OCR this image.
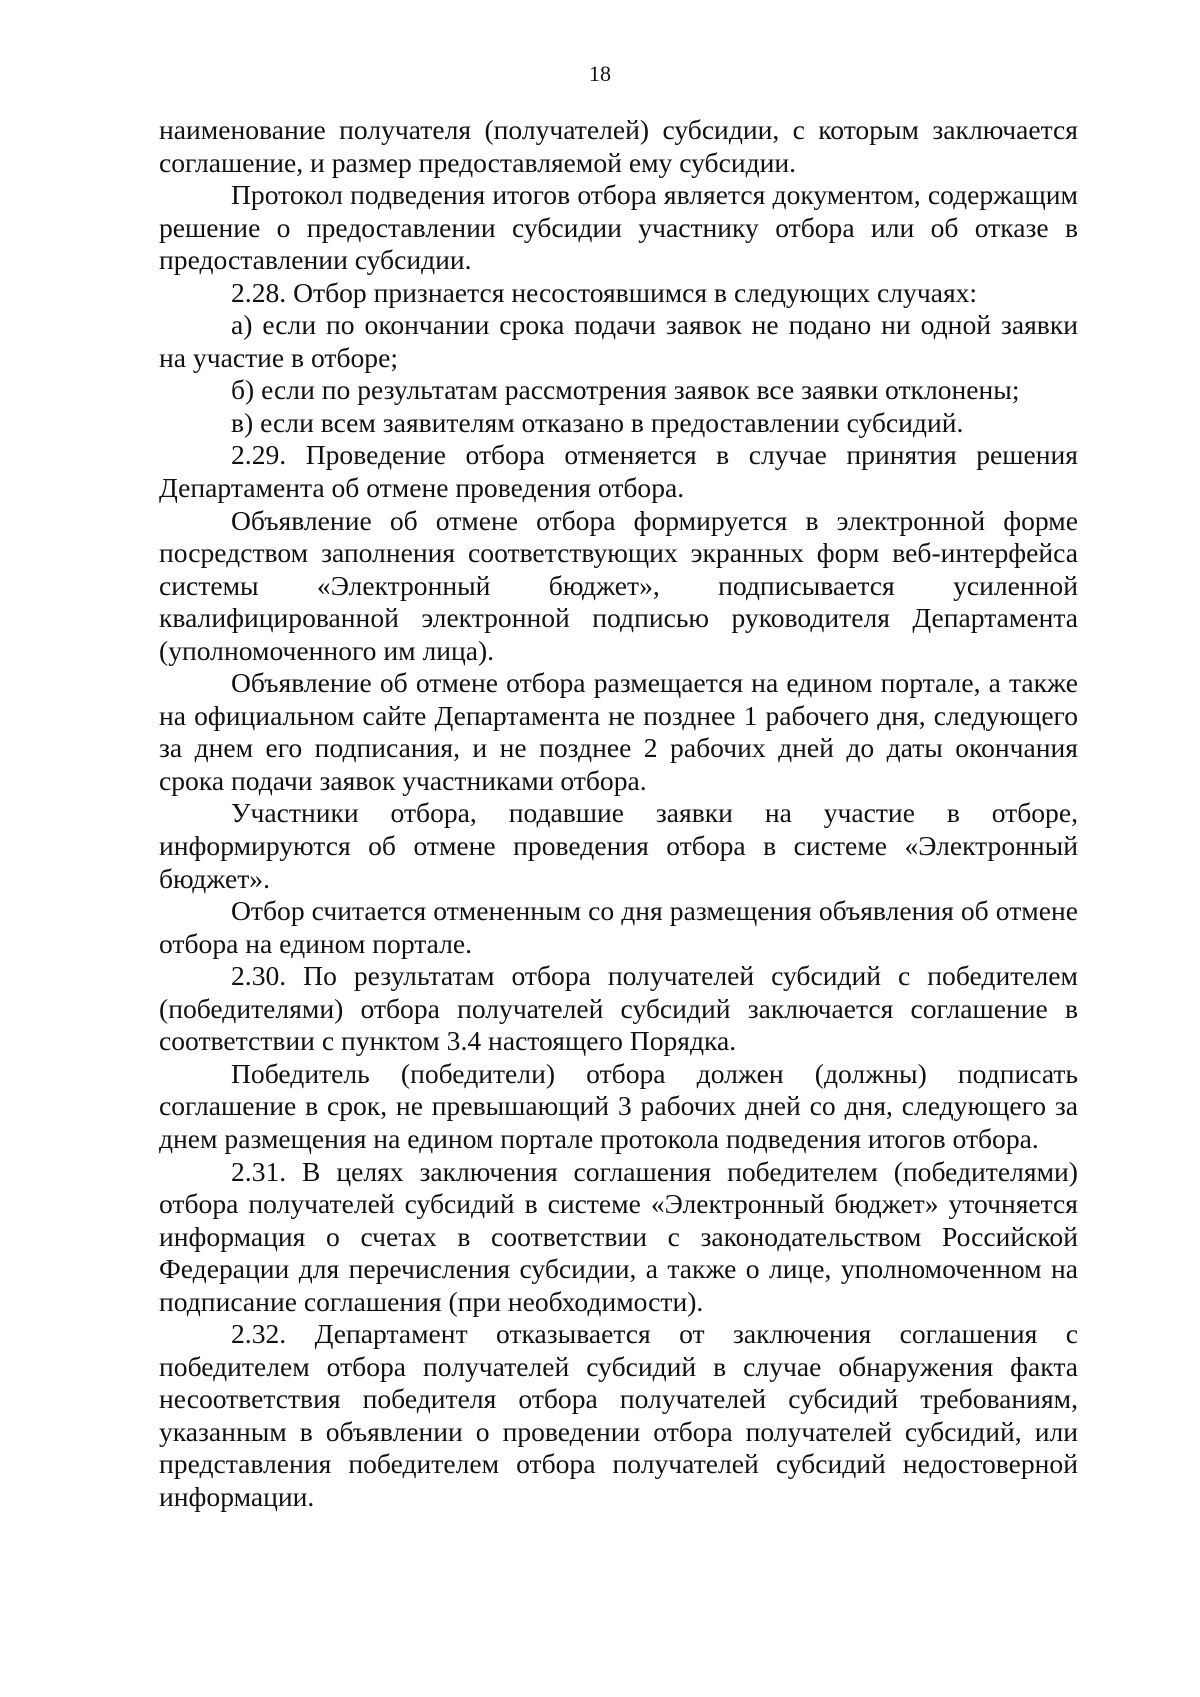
18

наименование получателя (получателей) субсидии, с которым заключается соглашение, и размер предоставляемой ему субсидии.

Протокол подведения итогов отбора является документом, содержащим решение о предоставлении субсидии участнику отбора или об отказе в предоставлении субсидии.

2.28. Отбор признается несостоявшимся в следующих случаях:

а) если по окончании срока подачи заявок не подано ни одной заявки на участие в отборе;

б) если по результатам рассмотрения заявок все заявки отклонены;

в) если всем заявителям отказано в предоставлении субсидий.

2.29. Проведение отбора отменяется в случае принятия решения Департамента об отмене проведения отбора.

Объявление об отмене отбора формируется в электронной форме посредством заполнения соответствующих экранных форм веб-интерфейса системы «Электронный бюджет», подписывается усиленной квалифицированной электронной подписью руководителя Департамента (уполномоченного им лица).

Объявление об отмене отбора размещается на едином портале, а также на официальном сайте Департамента не позднее 1 рабочего дня, следующего за днем его подписания, и не позднее 2 рабочих дней до даты окончания срока подачи заявок участниками отбора.

Участники отбора, подавшие заявки на участие в отборе, информируются об отмене проведения отбора в системе «Электронный бюджет».

Отбор считается отмененным со дня размещения объявления об отмене отбора на едином портале.

2.30. По результатам отбора получателей субсидий с победителем (победителями) отбора получателей субсидий заключается соглашение в соответствии с пунктом 3.4 настоящего Порядка.

Победитель (победители) отбора должен (должны) подписать соглашение в срок, не превышающий 3 рабочих дней со дня, следующего за днем размещения на едином портале протокола подведения итогов отбора.

2.31. В целях заключения соглашения победителем (победителями) отбора получателей субсидий в системе «Электронный бюджет» уточняется информация о счетах в соответствии с законодательством Российской Федерации для перечисления субсидии, а также о лице, уполномоченном на подписание соглашения (при необходимости).

2.32. Департамент отказывается от заключения соглашения с победителем отбора получателей субсидий в случае обнаружения факта несоответствия победителя отбора получателей субсидий требованиям, указанным в объявлении о проведении отбора получателей субсидий, или представления победителем отбора получателей субсидий недостоверной информации.
